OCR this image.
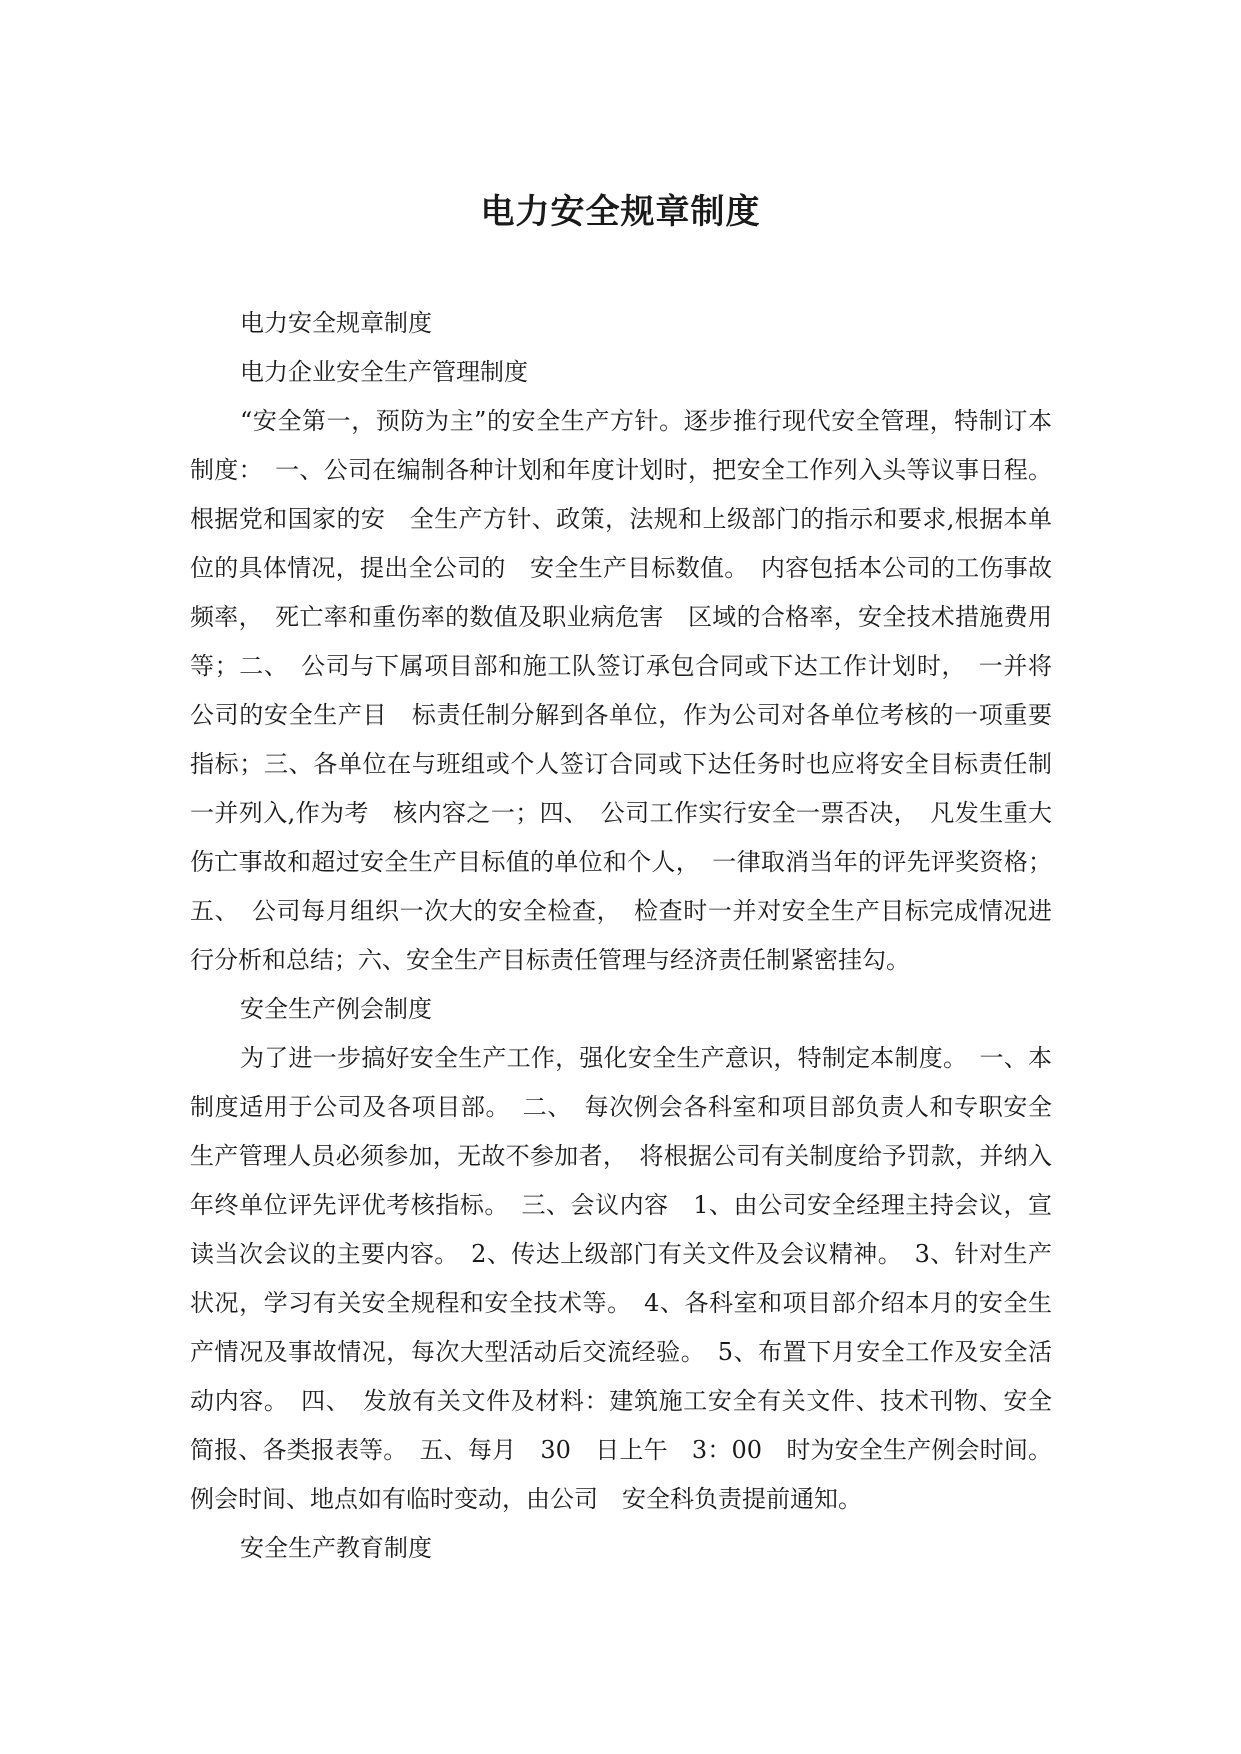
电力安全规章制度

电力安全规章制度

电力企业安全生产管理制度

“安全第一，预防为主”的安全生产方针。逐步推行现代安全管理，特制订本制度：　一、公司在编制各种计划和年度计划时，把安全工作列入头等议事日程。根据党和国家的安　全生产方针、政策，法规和上级部门的指示和要求,根据本单位的具体情况，提出全公司的　安全生产目标数值。　内容包括本公司的工伤事故频率，　死亡率和重伤率的数值及职业病危害　区域的合格率，安全技术措施费用等；二、　公司与下属项目部和施工队签订承包合同或下达工作计划时，　一并将公司的安全生产目　标责任制分解到各单位，作为公司对各单位考核的一项重要指标；三、各单位在与班组或个人签订合同或下达任务时也应将安全目标责任制一并列入,作为考　核内容之一；四、　公司工作实行安全一票否决，　凡发生重大伤亡事故和超过安全生产目标值的单位和个人，　一律取消当年的评先评奖资格；五、　公司每月组织一次大的安全检查，　检查时一并对安全生产目标完成情况进行分析和总结；六、安全生产目标责任管理与经济责任制紧密挂勾。

安全生产例会制度

为了进一步搞好安全生产工作，强化安全生产意识，特制定本制度。　一、本制度适用于公司及各项目部。　二、　每次例会各科室和项目部负责人和专职安全生产管理人员必须参加，无故不参加者，　将根据公司有关制度给予罚款，并纳入年终单位评先评优考核指标。　三、会议内容　1、由公司安全经理主持会议，宣读当次会议的主要内容。　2、传达上级部门有关文件及会议精神。　3、针对生产状况，学习有关安全规程和安全技术等。　4、各科室和项目部介绍本月的安全生产情况及事故情况，每次大型活动后交流经验。　5、布置下月安全工作及安全活动内容。　四、　发放有关文件及材料：建筑施工安全有关文件、技术刊物、安全简报、各类报表等。　五、每月　30　日上午　3：00　时为安全生产例会时间。例会时间、地点如有临时变动，由公司　安全科负责提前通知。

安全生产教育制度
